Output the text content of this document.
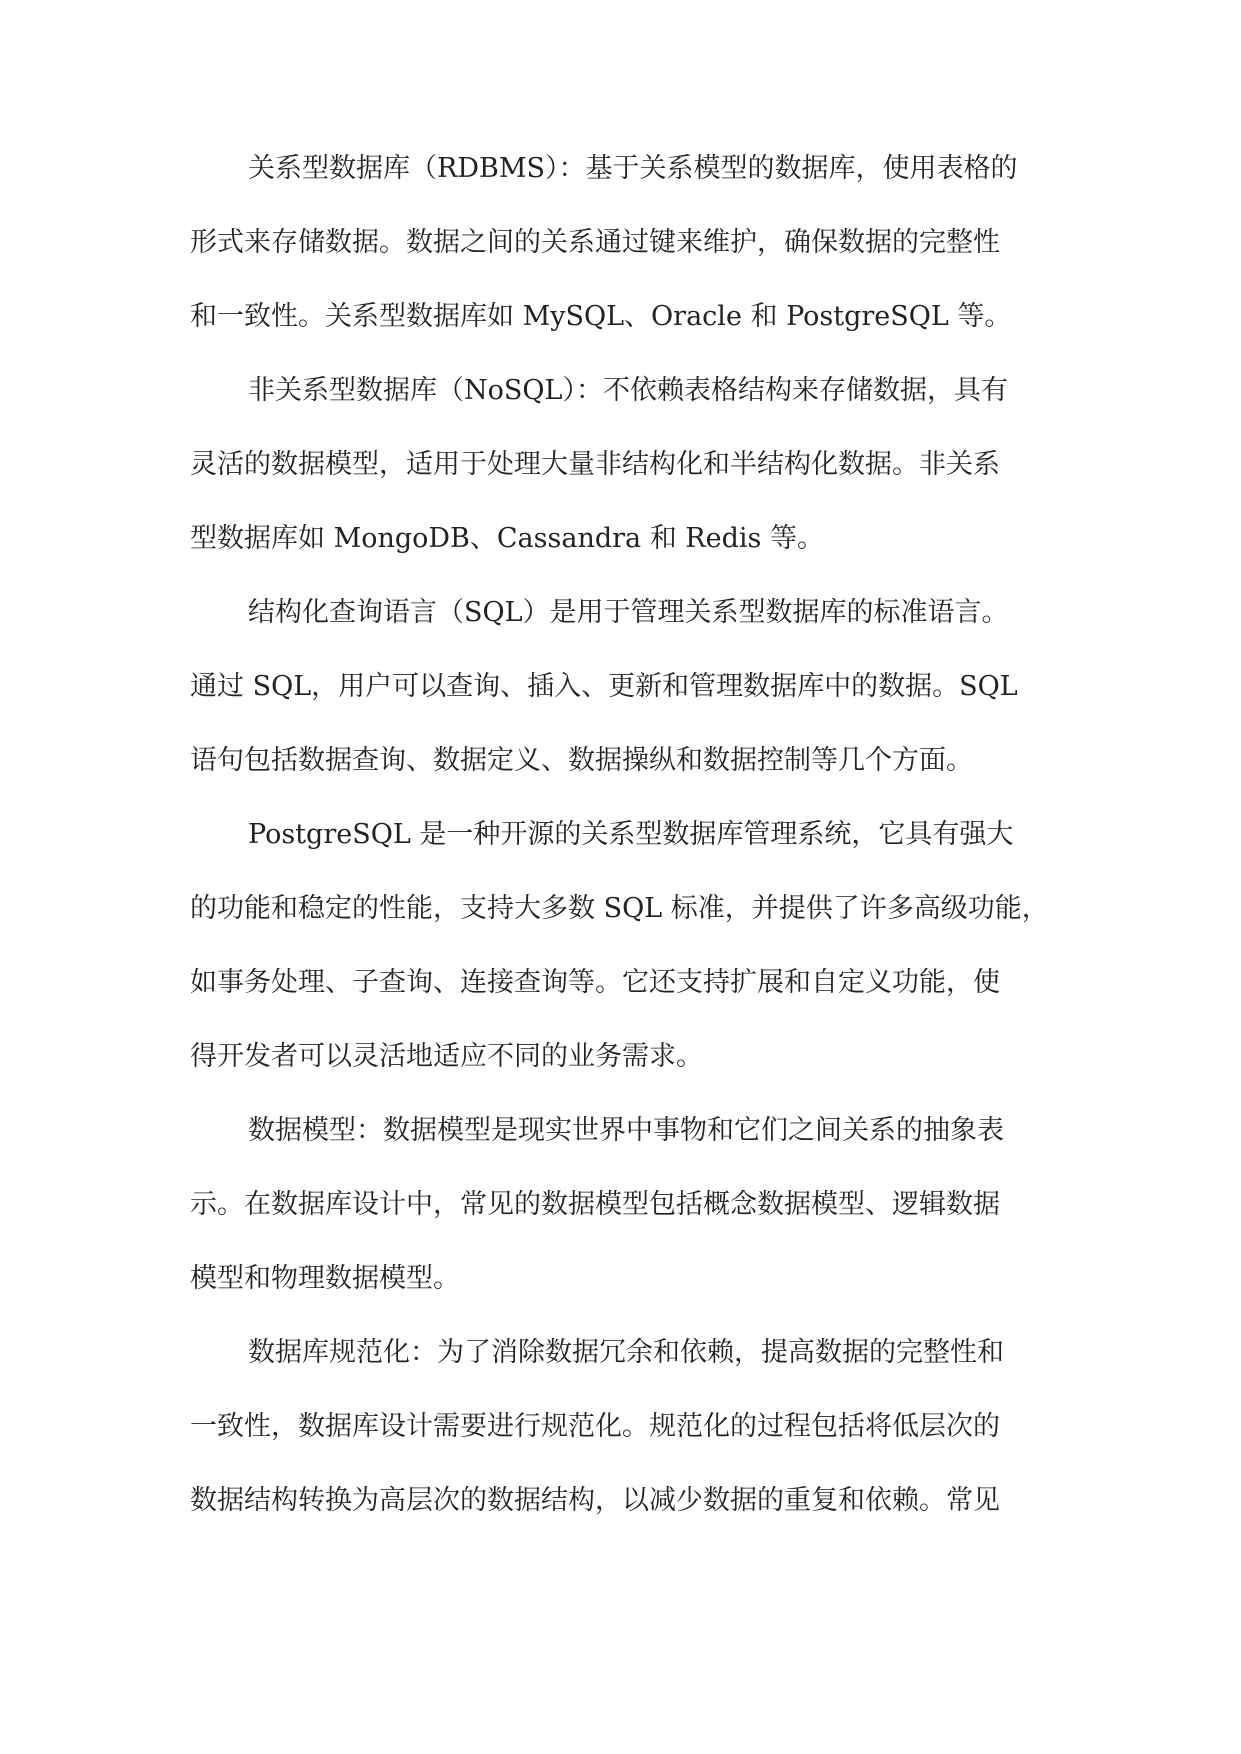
关系型数据库（RDBMS）：基于关系模型的数据库，使用表格的
形式来存储数据。数据之间的关系通过键来维护，确保数据的完整性
和一致性。关系型数据库如 MySQL、Oracle 和 PostgreSQL 等。

非关系型数据库（NoSQL）：不依赖表格结构来存储数据，具有
灵活的数据模型，适用于处理大量非结构化和半结构化数据。非关系
型数据库如 MongoDB、Cassandra 和 Redis 等。

结构化查询语言（SQL）是用于管理关系型数据库的标准语言。
通过 SQL，用户可以查询、插入、更新和管理数据库中的数据。SQL
语句包括数据查询、数据定义、数据操纵和数据控制等几个方面。

PostgreSQL 是一种开源的关系型数据库管理系统，它具有强大
的功能和稳定的性能，支持大多数 SQL 标准，并提供了许多高级功能，
如事务处理、子查询、连接查询等。它还支持扩展和自定义功能，使
得开发者可以灵活地适应不同的业务需求。

数据模型：数据模型是现实世界中事物和它们之间关系的抽象表
示。在数据库设计中，常见的数据模型包括概念数据模型、逻辑数据
模型和物理数据模型。

数据库规范化：为了消除数据冗余和依赖，提高数据的完整性和
一致性，数据库设计需要进行规范化。规范化的过程包括将低层次的
数据结构转换为高层次的数据结构，以减少数据的重复和依赖。常见
